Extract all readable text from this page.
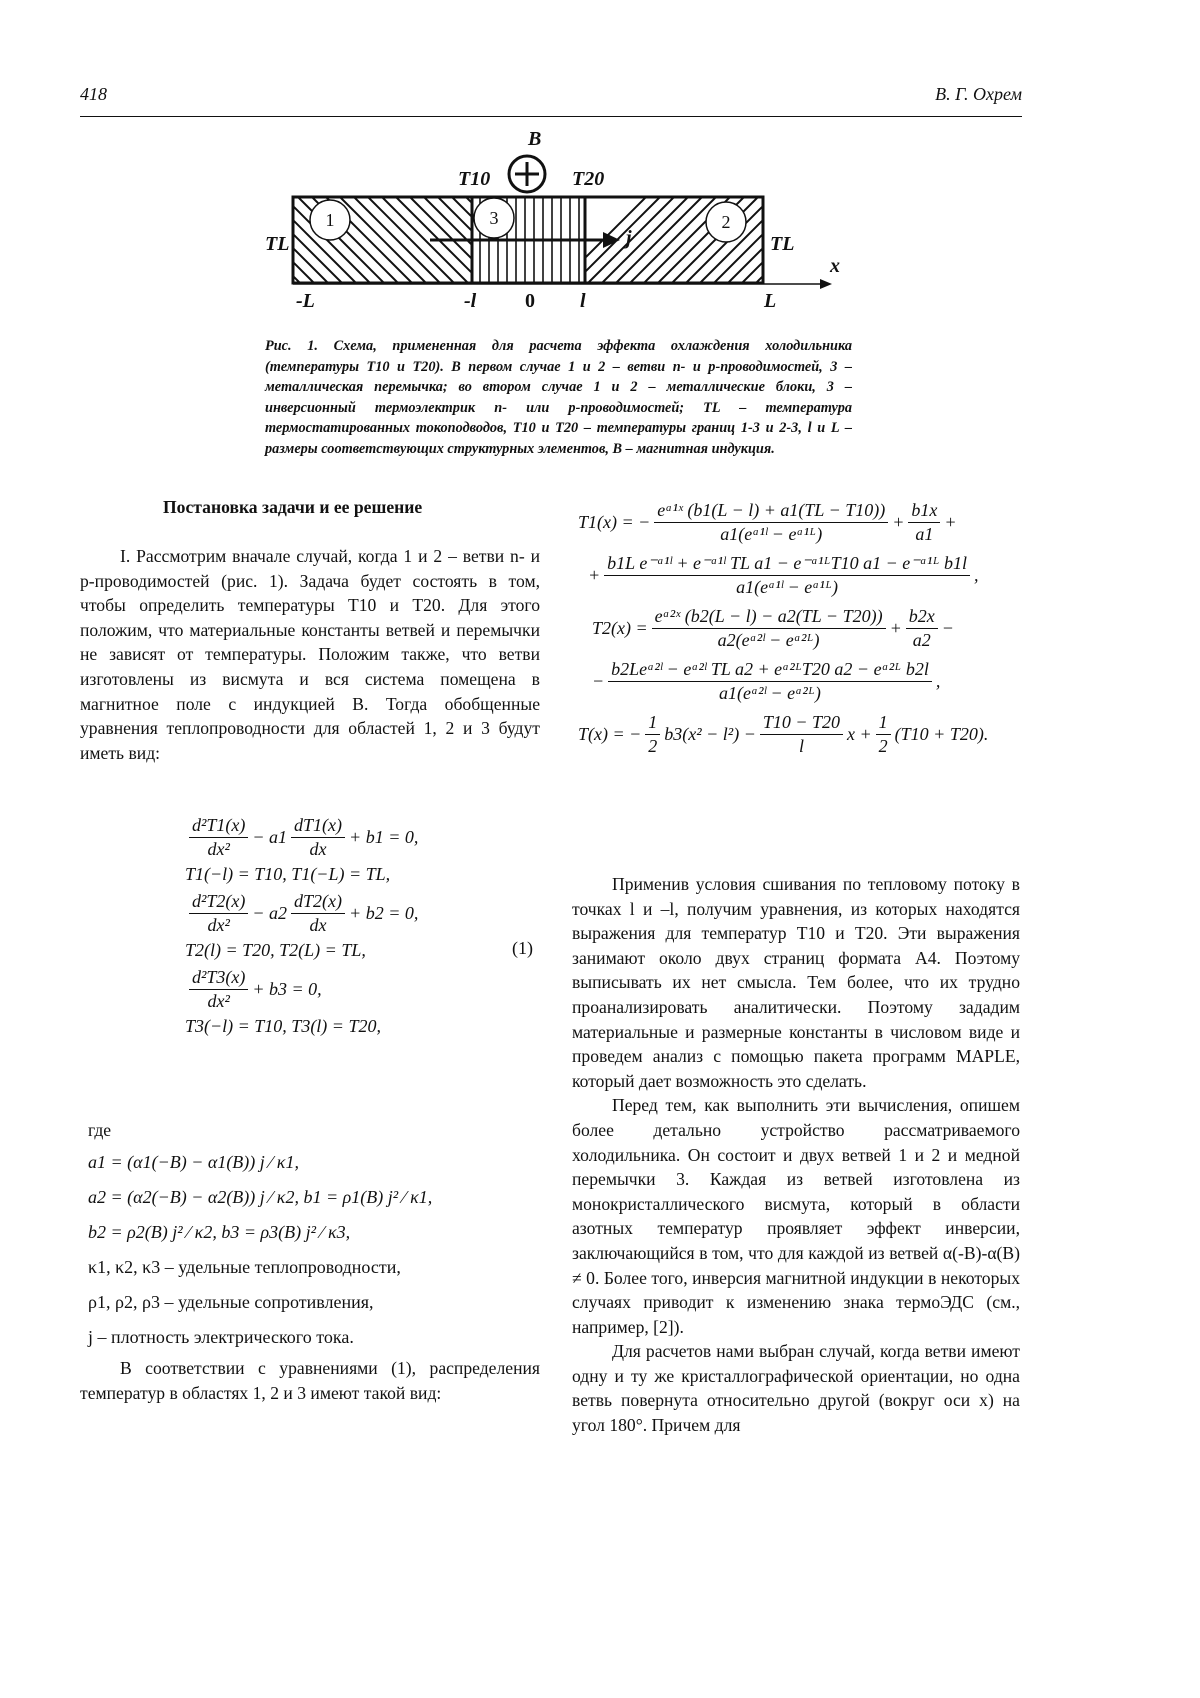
418	В. Г. Охрем
B
T10	T20
TL	TL
x
j
-L	-l 0 l	L
1	3	2
Рис. 1. Схема, примененная для расчета эффекта охлаждения холодильника (температуры T10 и T20). В первом случае 1 и 2 – ветви n- и p-проводимостей, 3 – металлическая перемычка; во втором случае 1 и 2 – металлические блоки, 3 – инверсионный термоэлектрик n- или p-проводимостей; TL – температура термостатированных токоподводов, T10 и T20 – температуры границ 1-3 и 2-3, l и L – размеры соответствующих структурных элементов, B – магнитная индукция.
Постановка задачи и ее решение

I. Рассмотрим вначале случай, когда 1 и 2 – ветви n- и p-проводимостей (рис. 1). Задача будет состоять в том, чтобы определить температуры T10 и T20. Для этого положим, что материальные константы ветвей и перемычки не зависят от температуры. Положим также, что ветви изготовлены из висмута и вся система помещена в магнитное поле с индукцией B. Тогда обобщенные уравнения теплопроводности для областей 1, 2 и 3 будут иметь вид:

$\frac{\text{d²T1(x)}}{\text{dx²}} - a1 \frac{dT1(x)}{dx} + b1 = 0$,
T1(−l) = T10, T1(−L) = TL,
$\frac{\text{d²T2(x)}}{\text{dx²}} - a2 \frac{dT2(x)}{dx} + b2 = 0$,
T2(l) = T20, T2(L) = TL,
$\frac{\text{d²T3(x)}}{\text{dx²}} + b3 = 0$,
T3(−l) = T10, T3(l) = T20,
(1)
где
a1 = (α1(−B) − α1(B)) j ⁄ κ1,
a2 = (α2(−B) − α2(B)) j ⁄ κ2, b1 = ρ1(B) j² ⁄ κ1,
b2 = ρ2(B) j² ⁄ κ2, b3 = ρ3(B) j² ⁄ κ3,
κ1, κ2, κ3 – удельные теплопроводности,
ρ1, ρ2, ρ3 – удельные сопротивления,
j – плотность электрического тока.

В соответствии с уравнениями (1), распределения температур в областях 1, 2 и 3 имеют такой вид:

T1(x) = − $\frac{\text{eᵃ¹ˣ (b1(L − l) + a1(TL − T10))}}{\text{a1(eᵃ¹ˡ − eᵃ¹ᴸ)}} + \frac{b1x}{a1}$ +
+ $\frac{\text{b1L e⁻ᵃ¹ˡ + e⁻ᵃ¹ˡ TL a1 − e⁻ᵃ¹ᴸT10 a1 − e⁻ᵃ¹ᴸ b1l}}{\text{a1(eᵃ¹ˡ − eᵃ¹ᴸ)}}$ ,
$T2(x) = \frac{\text{eᵃ²ˣ (b2(L − l) − a2(TL − T20))}}{\text{a2(eᵃ²ˡ − eᵃ²ᴸ)}} + \frac{b2x}{a2}$ −
− $\frac{\text{b2Leᵃ²ˡ − eᵃ²ˡ TL a2 + eᵃ²ᴸT20 a2 − eᵃ²ᴸ b2l}}{\text{a1(eᵃ²ˡ − eᵃ²ᴸ)}}$ ,
T(x) = − $\frac{1}{2} b3(x^2 - l^2) - \frac{T10 - T20}{l}$ $x + \frac{1}{2} (T10 + T20)$.

Применив условия сшивания по тепловому потоку в точках l и –l, получим уравнения, из которых находятся выражения для температур T10 и T20. Эти выражения занимают около двух страниц формата А4. Поэтому выписывать их нет смысла. Тем более, что их трудно проанализировать аналитически. Поэтому зададим материальные и размерные константы в числовом виде и проведем анализ с помощью пакета программ MAPLE, который дает возможность это сделать.

Перед тем, как выполнить эти вычисления, опишем более детально устройство рассматриваемого холодильника. Он состоит и двух ветвей 1 и 2 и медной перемычки 3. Каждая из ветвей изготовлена из монокристаллического висмута, который в области азотных температур проявляет эффект инверсии, заключающийся в том, что для каждой из ветвей α(-B)-α(B) ≠ 0. Более того, инверсия магнитной индукции в некоторых случаях приводит к изменению знака термоЭДС (см., например, [2]).

Для расчетов нами выбран случай, когда ветви имеют одну и ту же кристаллографической ориентации, но одна ветвь повернута относительно другой (вокруг оси x) на угол 180°. Причем для
